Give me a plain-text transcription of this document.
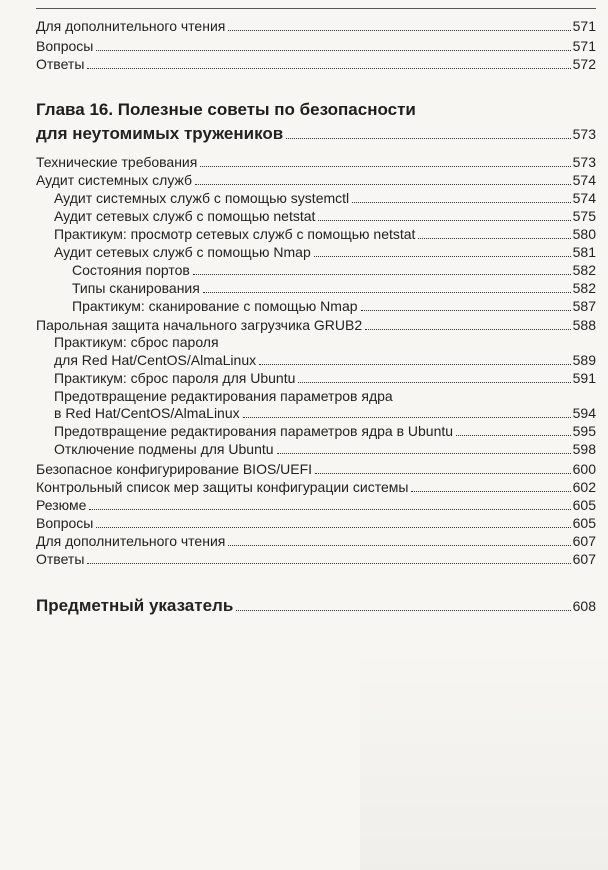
Для дополнительного чтения	571
Вопросы	571
Ответы	572
Глава 16. Полезные советы по безопасности
для неутомимых тружеников	573
Технические требования	573
Аудит системных служб	574
Аудит системных служб с помощью systemctl	574
Аудит сетевых служб с помощью netstat	575
Практикум: просмотр сетевых служб с помощью netstat	580
Аудит сетевых служб с помощью Nmap	581
Состояния портов	582
Типы сканирования	582
Практикум: сканирование с помощью Nmap	587
Парольная защита начального загрузчика GRUB2	588
Практикум: сброс пароля
для Red Hat/CentOS/AlmaLinux	589
Практикум: сброс пароля для Ubuntu	591
Предотвращение редактирования параметров ядра
в Red Hat/CentOS/AlmaLinux	594
Предотвращение редактирования параметров ядра в Ubuntu	595
Отключение подмены для Ubuntu	598
Безопасное конфигурирование BIOS/UEFI	600
Контрольный список мер защиты конфигурации системы	602
Резюме	605
Вопросы	605
Для дополнительного чтения	607
Ответы	607
Предметный указатель	608
